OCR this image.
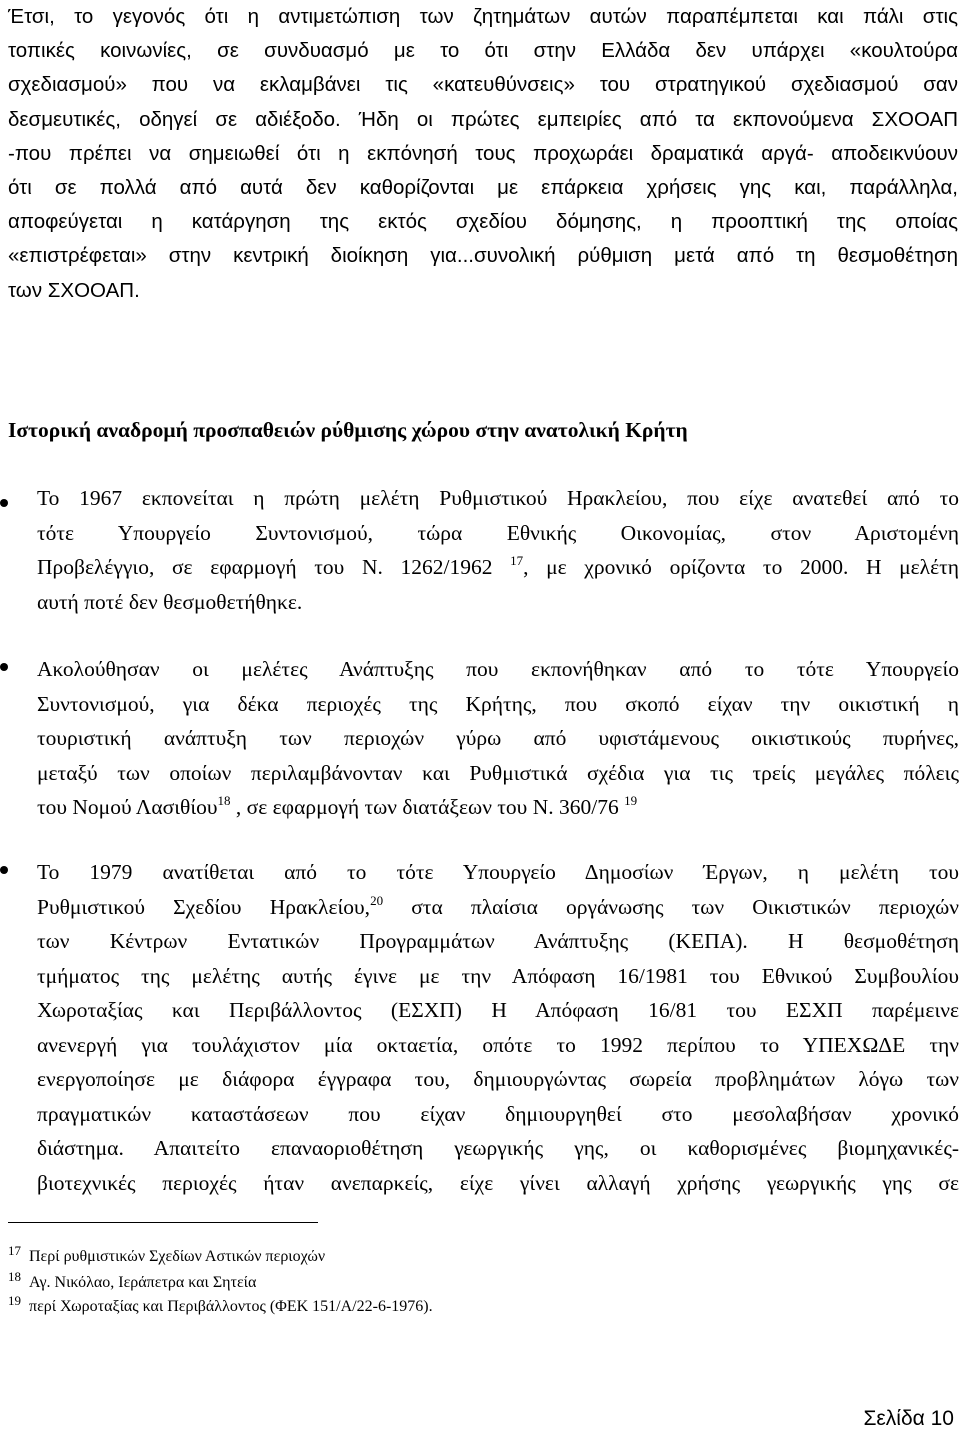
Έτσι, το γεγονός ότι η αντιμετώπιση των ζητημάτων αυτών παραπέμπεται και πάλι στις
τοπικές κοινωνίες, σε συνδυασμό με το ότι στην Ελλάδα δεν υπάρχει «κουλτούρα
σχεδιασμού» που να εκλαμβάνει τις «κατευθύνσεις» του στρατηγικού σχεδιασμού σαν
δεσμευτικές, οδηγεί σε αδιέξοδο. Ήδη οι πρώτες εμπειρίες από τα εκπονούμενα ΣΧΟΟΑΠ
-που πρέπει να σημειωθεί ότι η εκπόνησή τους προχωράει δραματικά αργά- αποδεικνύουν
ότι σε πολλά από αυτά δεν καθορίζονται με επάρκεια χρήσεις γης και, παράλληλα,
αποφεύγεται η κατάργηση της εκτός σχεδίου δόμησης, η προοπτική της οποίας
«επιστρέφεται» στην κεντρική διοίκηση για...συνολική ρύθμιση μετά από τη θεσμοθέτηση
των ΣΧΟΟΑΠ.

Ιστορική αναδρομή προσπαθειών ρύθμισης χώρου στην ανατολική Κρήτη

Το 1967 εκπονείται η πρώτη μελέτη Ρυθμιστικού Ηρακλείου, που είχε ανατεθεί από το
τότε Υπουργείο Συντονισμού, τώρα Εθνικής Οικονομίας, στον Αριστομένη
Προβελέγγιο, σε εφαρμογή του Ν. 1262/1962 $^{17}$, με χρονικό ορίζοντα το 2000. Η μελέτη
αυτή ποτέ δεν θεσμοθετήθηκε.

Ακολούθησαν οι μελέτες Ανάπτυξης που εκπονήθηκαν από το τότε Υπουργείο
Συντονισμού, για δέκα περιοχές της Κρήτης, που σκοπό είχαν την οικιστική η
τουριστική ανάπτυξη των περιοχών γύρω από υφιστάμενους οικιστικούς πυρήνες,
μεταξύ των οποίων περιλαμβάνονταν και Ρυθμιστικά σχέδια για τις τρείς μεγάλες πόλεις
του Νομού Λασιθίου$^{18}$ , σε εφαρμογή των διατάξεων του Ν. 360/76 $^{19}$

Το 1979 ανατίθεται από το τότε Υπουργείο Δημοσίων Έργων, η μελέτη του
Ρυθμιστικού Σχεδίου Ηρακλείου,$^{20}$ στα πλαίσια οργάνωσης των Οικιστικών περιοχών
των Κέντρων Εντατικών Προγραμμάτων Ανάπτυξης (ΚΕΠΑ). Η θεσμοθέτηση
τμήματος της μελέτης αυτής έγινε με την Απόφαση 16/1981 του Εθνικού Συμβουλίου
Χωροταξίας και Περιβάλλοντος (ΕΣΧΠ) Η Απόφαση 16/81 του ΕΣΧΠ παρέμεινε
ανενεργή για τουλάχιστον μία οκταετία, οπότε το 1992 περίπου το ΥΠΕΧΩΔΕ την
ενεργοποίησε με διάφορα έγγραφα του, δημιουργώντας σωρεία προβλημάτων λόγω των
πραγματικών καταστάσεων που είχαν δημιουργηθεί στο μεσολαβήσαν χρονικό
διάστημα. Απαιτείτο επαναοριοθέτηση γεωργικής γης, οι καθορισμένες βιομηχανικές-
βιοτεχνικές περιοχές ήταν ανεπαρκείς, είχε γίνει αλλαγή χρήσης γεωργικής γης σε

$^{17}$ Περί ρυθμιστικών Σχεδίων Αστικών περιοχών
$^{18}$ Αγ. Νικόλαο, Ιεράπετρα και Σητεία
$^{19}$ περί Χωροταξίας και Περιβάλλοντος (ΦΕΚ 151/Α/22-6-1976).
Σελίδα 10
